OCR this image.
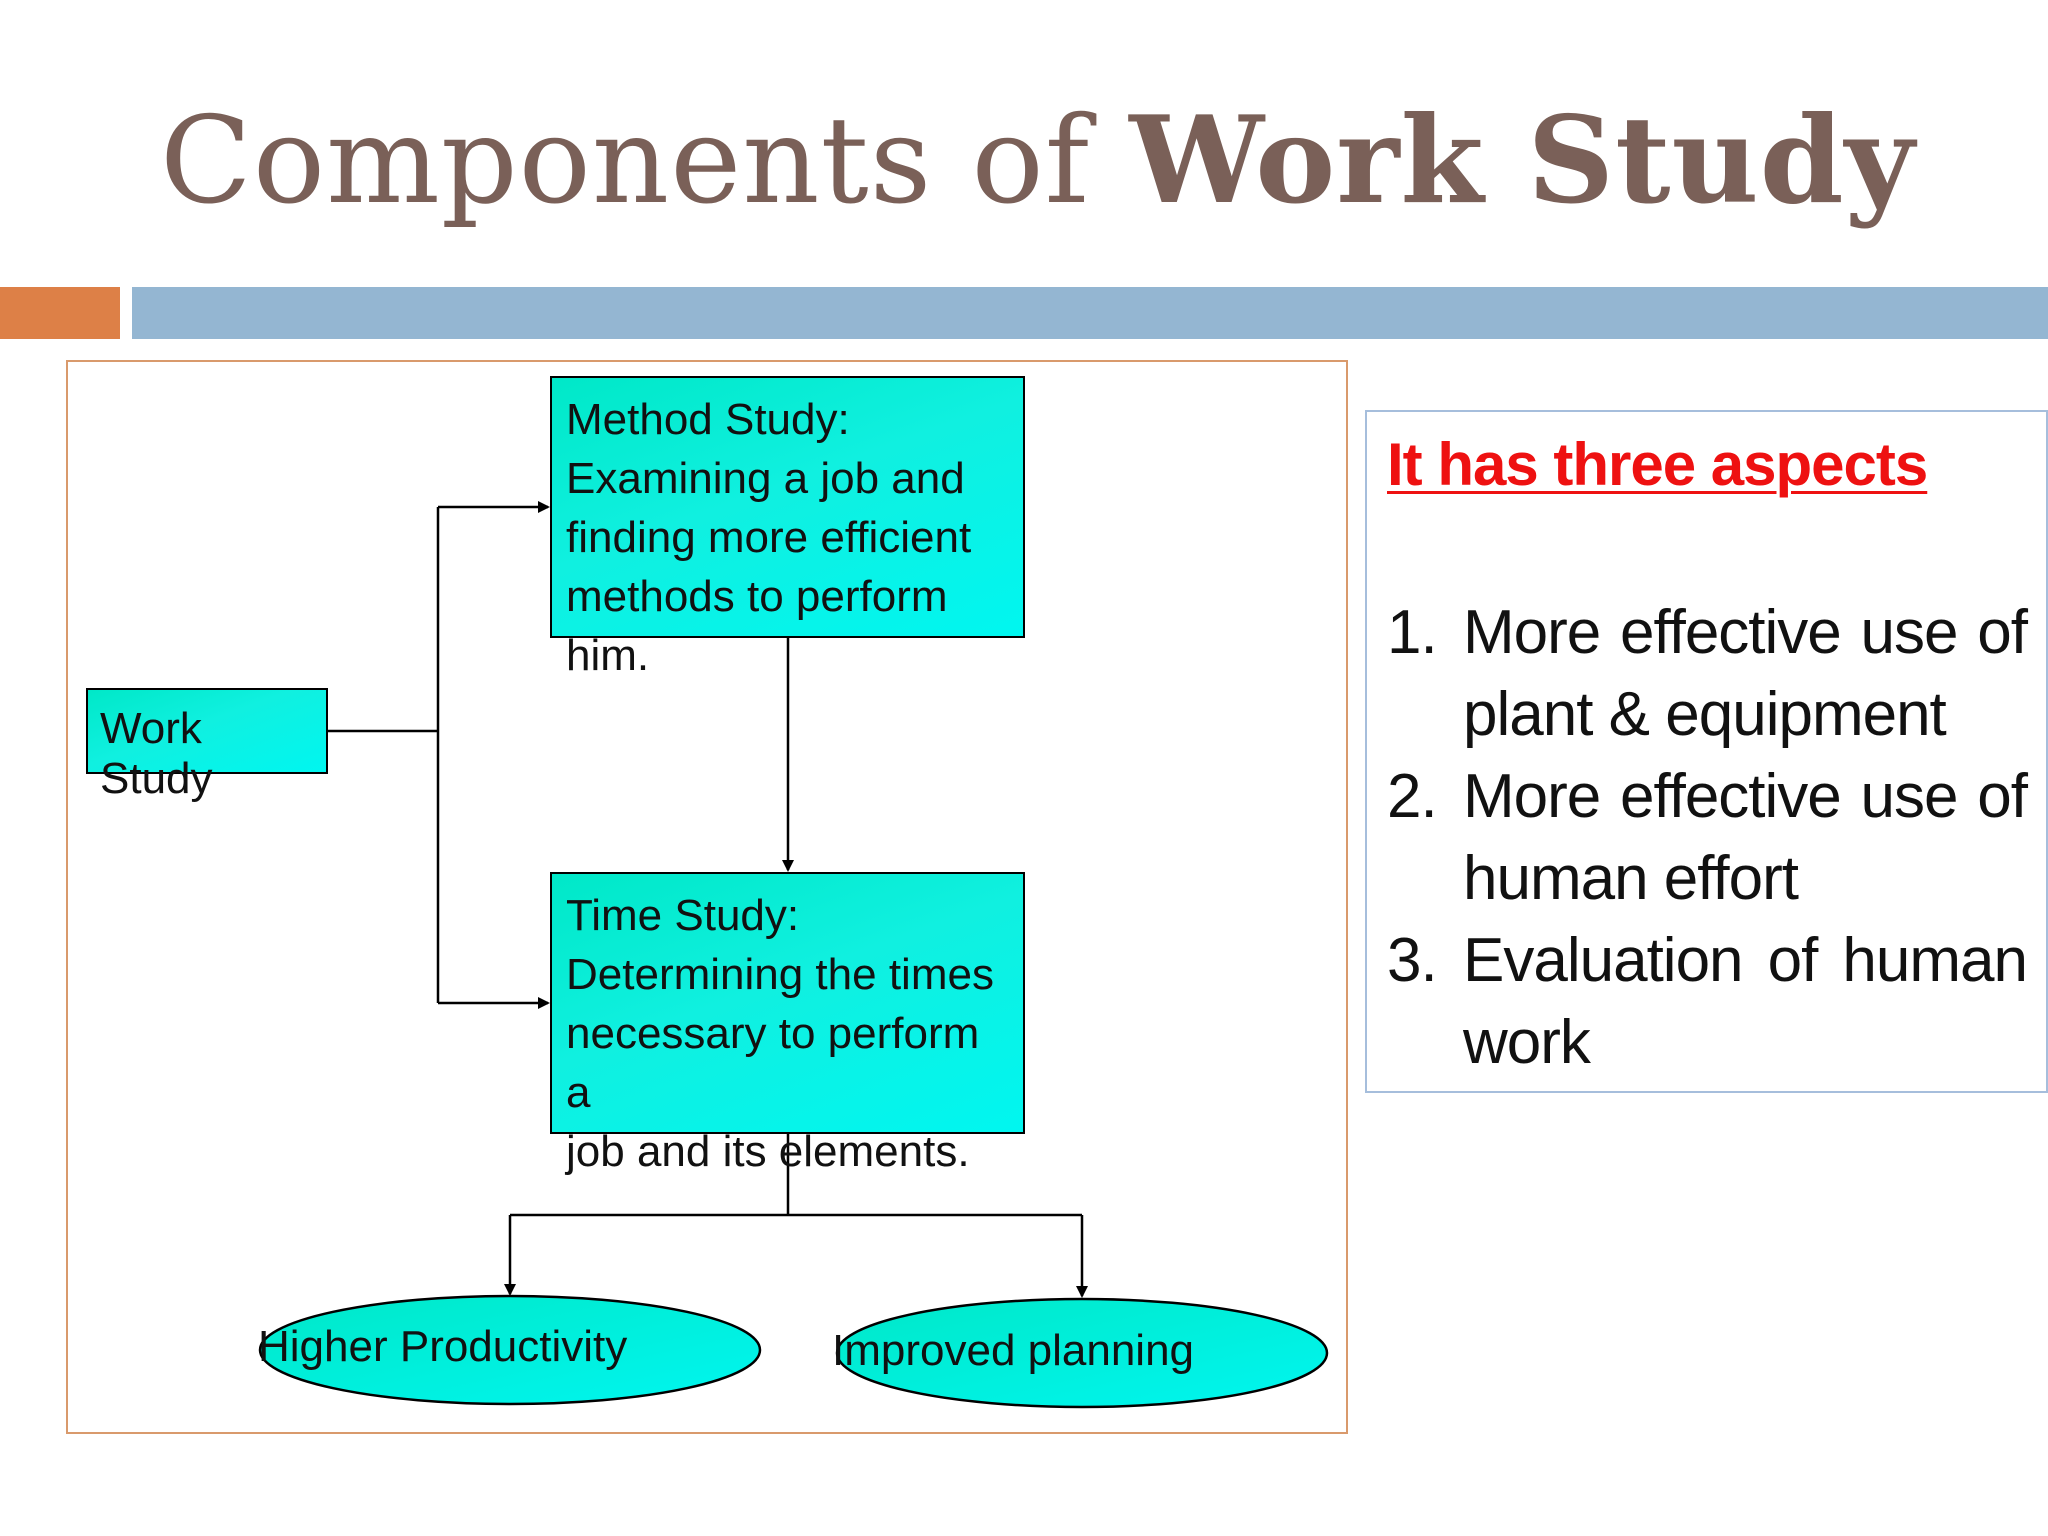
Components of Work Study
Work Study
Method Study:
Examining a job and
finding more efficient
methods to perform him.
Time Study:
Determining the times
necessary to perform a
job and its elements.
Higher Productivity	Improved planning
It has three aspects
1. More effective use of plant & equipment
2. More effective use of human effort
3. Evaluation of human work
